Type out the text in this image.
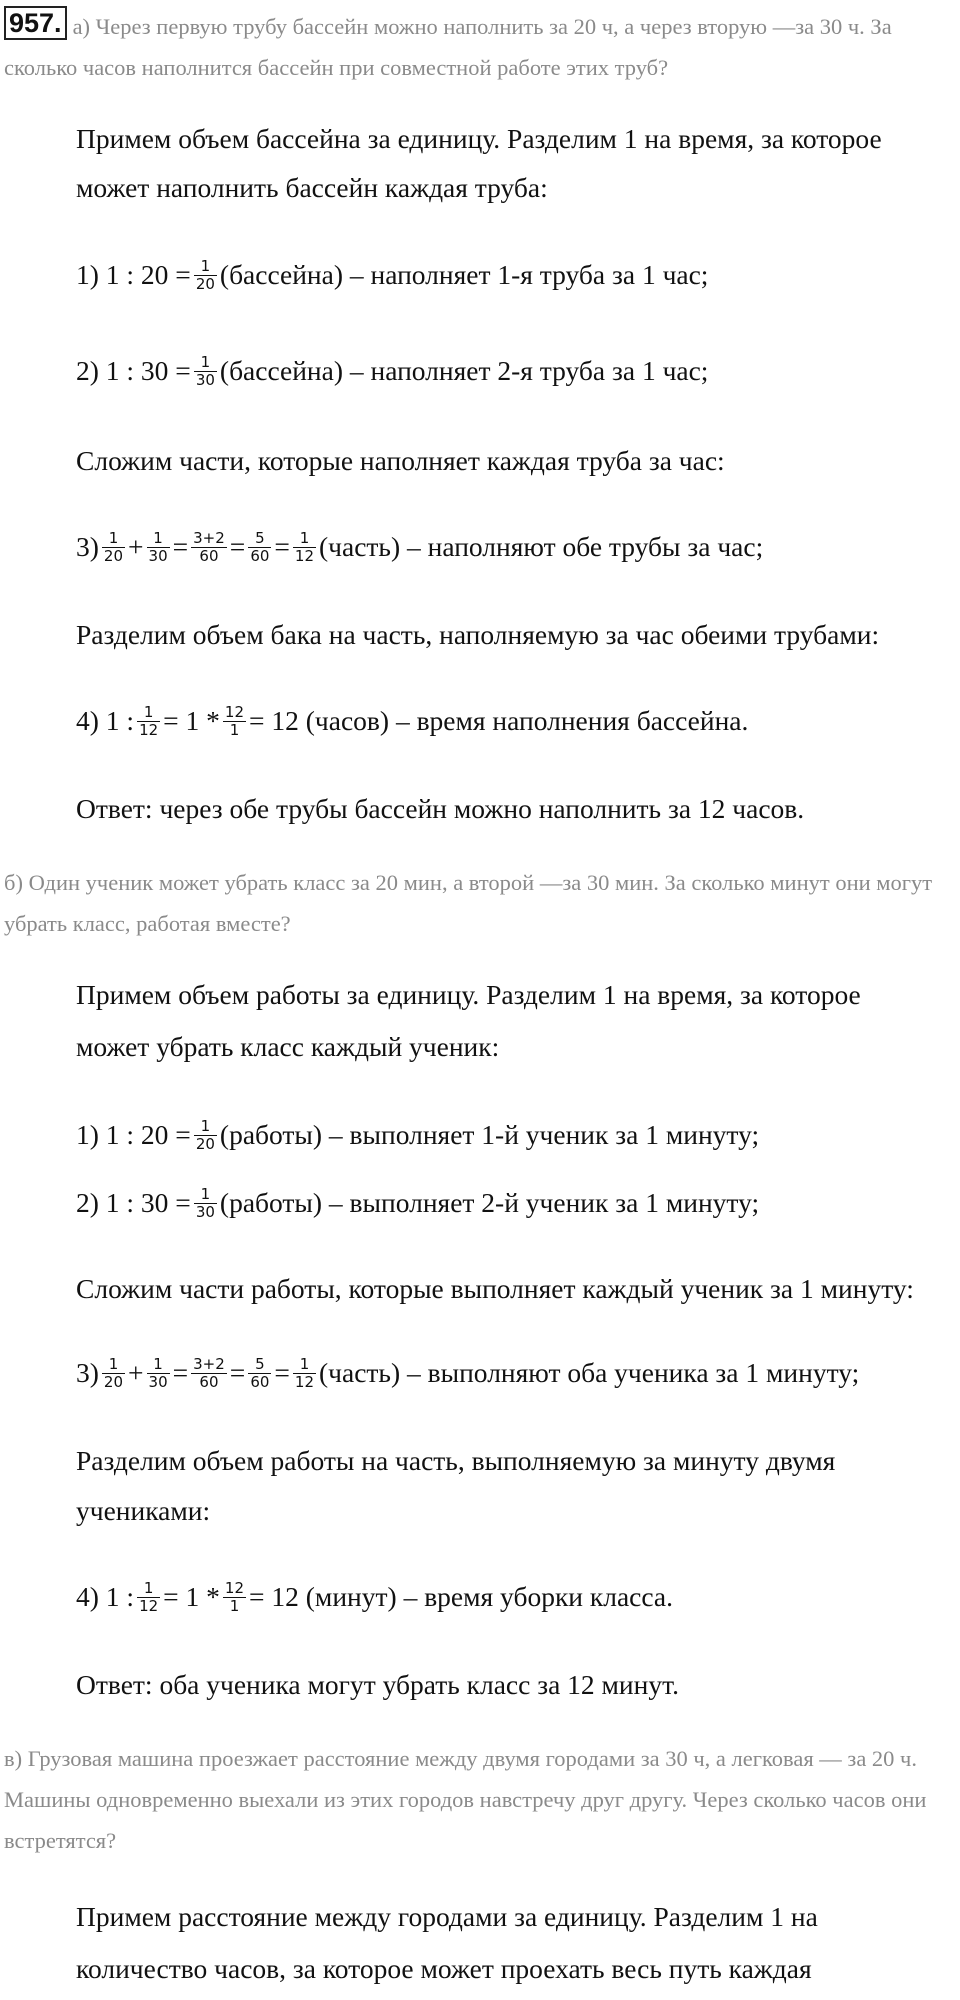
957. а) Через первую трубу бассейн можно наполнить за 20 ч, а через вторую —за 30 ч. За сколько часов наполнится бассейн при совместной работе этих труб?
Примем объем бассейна за единицу. Разделим 1 на время, за которое может наполнить бассейн каждая труба:
1) 1 : $20 = \frac{1}{20}$ (бассейна) – наполняет 1-я труба за 1 час;
2) 1 : $30 = \frac{1}{30}$ (бассейна) – наполняет 2-я труба за 1 час;
Сложим части, которые наполняет каждая труба за час:
$3) \frac{1}{20} + \frac{1}{30} = \frac{3+2}{60} = \frac{5}{60} = \frac{1}{12}$ (часть) – наполняют обе трубы за час;
Разделим объем бака на часть, наполняемую за час обеими трубами:
4) 1 : $\frac{1}{12} = 1 * \frac{12}{1} = 12$ (часов) – время наполнения бассейна.
Ответ: через обе трубы бассейн можно наполнить за 12 часов.
б) Один ученик может убрать класс за 20 мин, а второй —за 30 мин. За сколько минут они могут убрать класс, работая вместе?
Примем объем работы за единицу. Разделим 1 на время, за которое
может убрать класс каждый ученик:
1) 1 : $20 = \frac{1}{20}$ (работы) – выполняет 1-й ученик за 1 минуту;
2) 1 : $30 = \frac{1}{30}$ (работы) – выполняет 2-й ученик за 1 минуту;
Сложим части работы, которые выполняет каждый ученик за 1 минуту:
$3) \frac{1}{20} + \frac{1}{30} = \frac{3+2}{60} = \frac{5}{60} = \frac{1}{12}$ (часть) – выполняют оба ученика за 1 минуту;
Разделим объем работы на часть, выполняемую за минуту двумя
учениками:
4) 1 : $\frac{1}{12} = 1 * \frac{12}{1} = 12$ (минут) – время уборки класса.
Ответ: оба ученика могут убрать класс за 12 минут.
в) Грузовая машина проезжает расстояние между двумя городами за 30 ч, а легковая — за 20 ч. Машины одновременно выехали из этих городов навстречу друг другу. Через сколько часов они встретятся?
Примем расстояние между городами за единицу. Разделим 1 на
количество часов, за которое может проехать весь путь каждая
